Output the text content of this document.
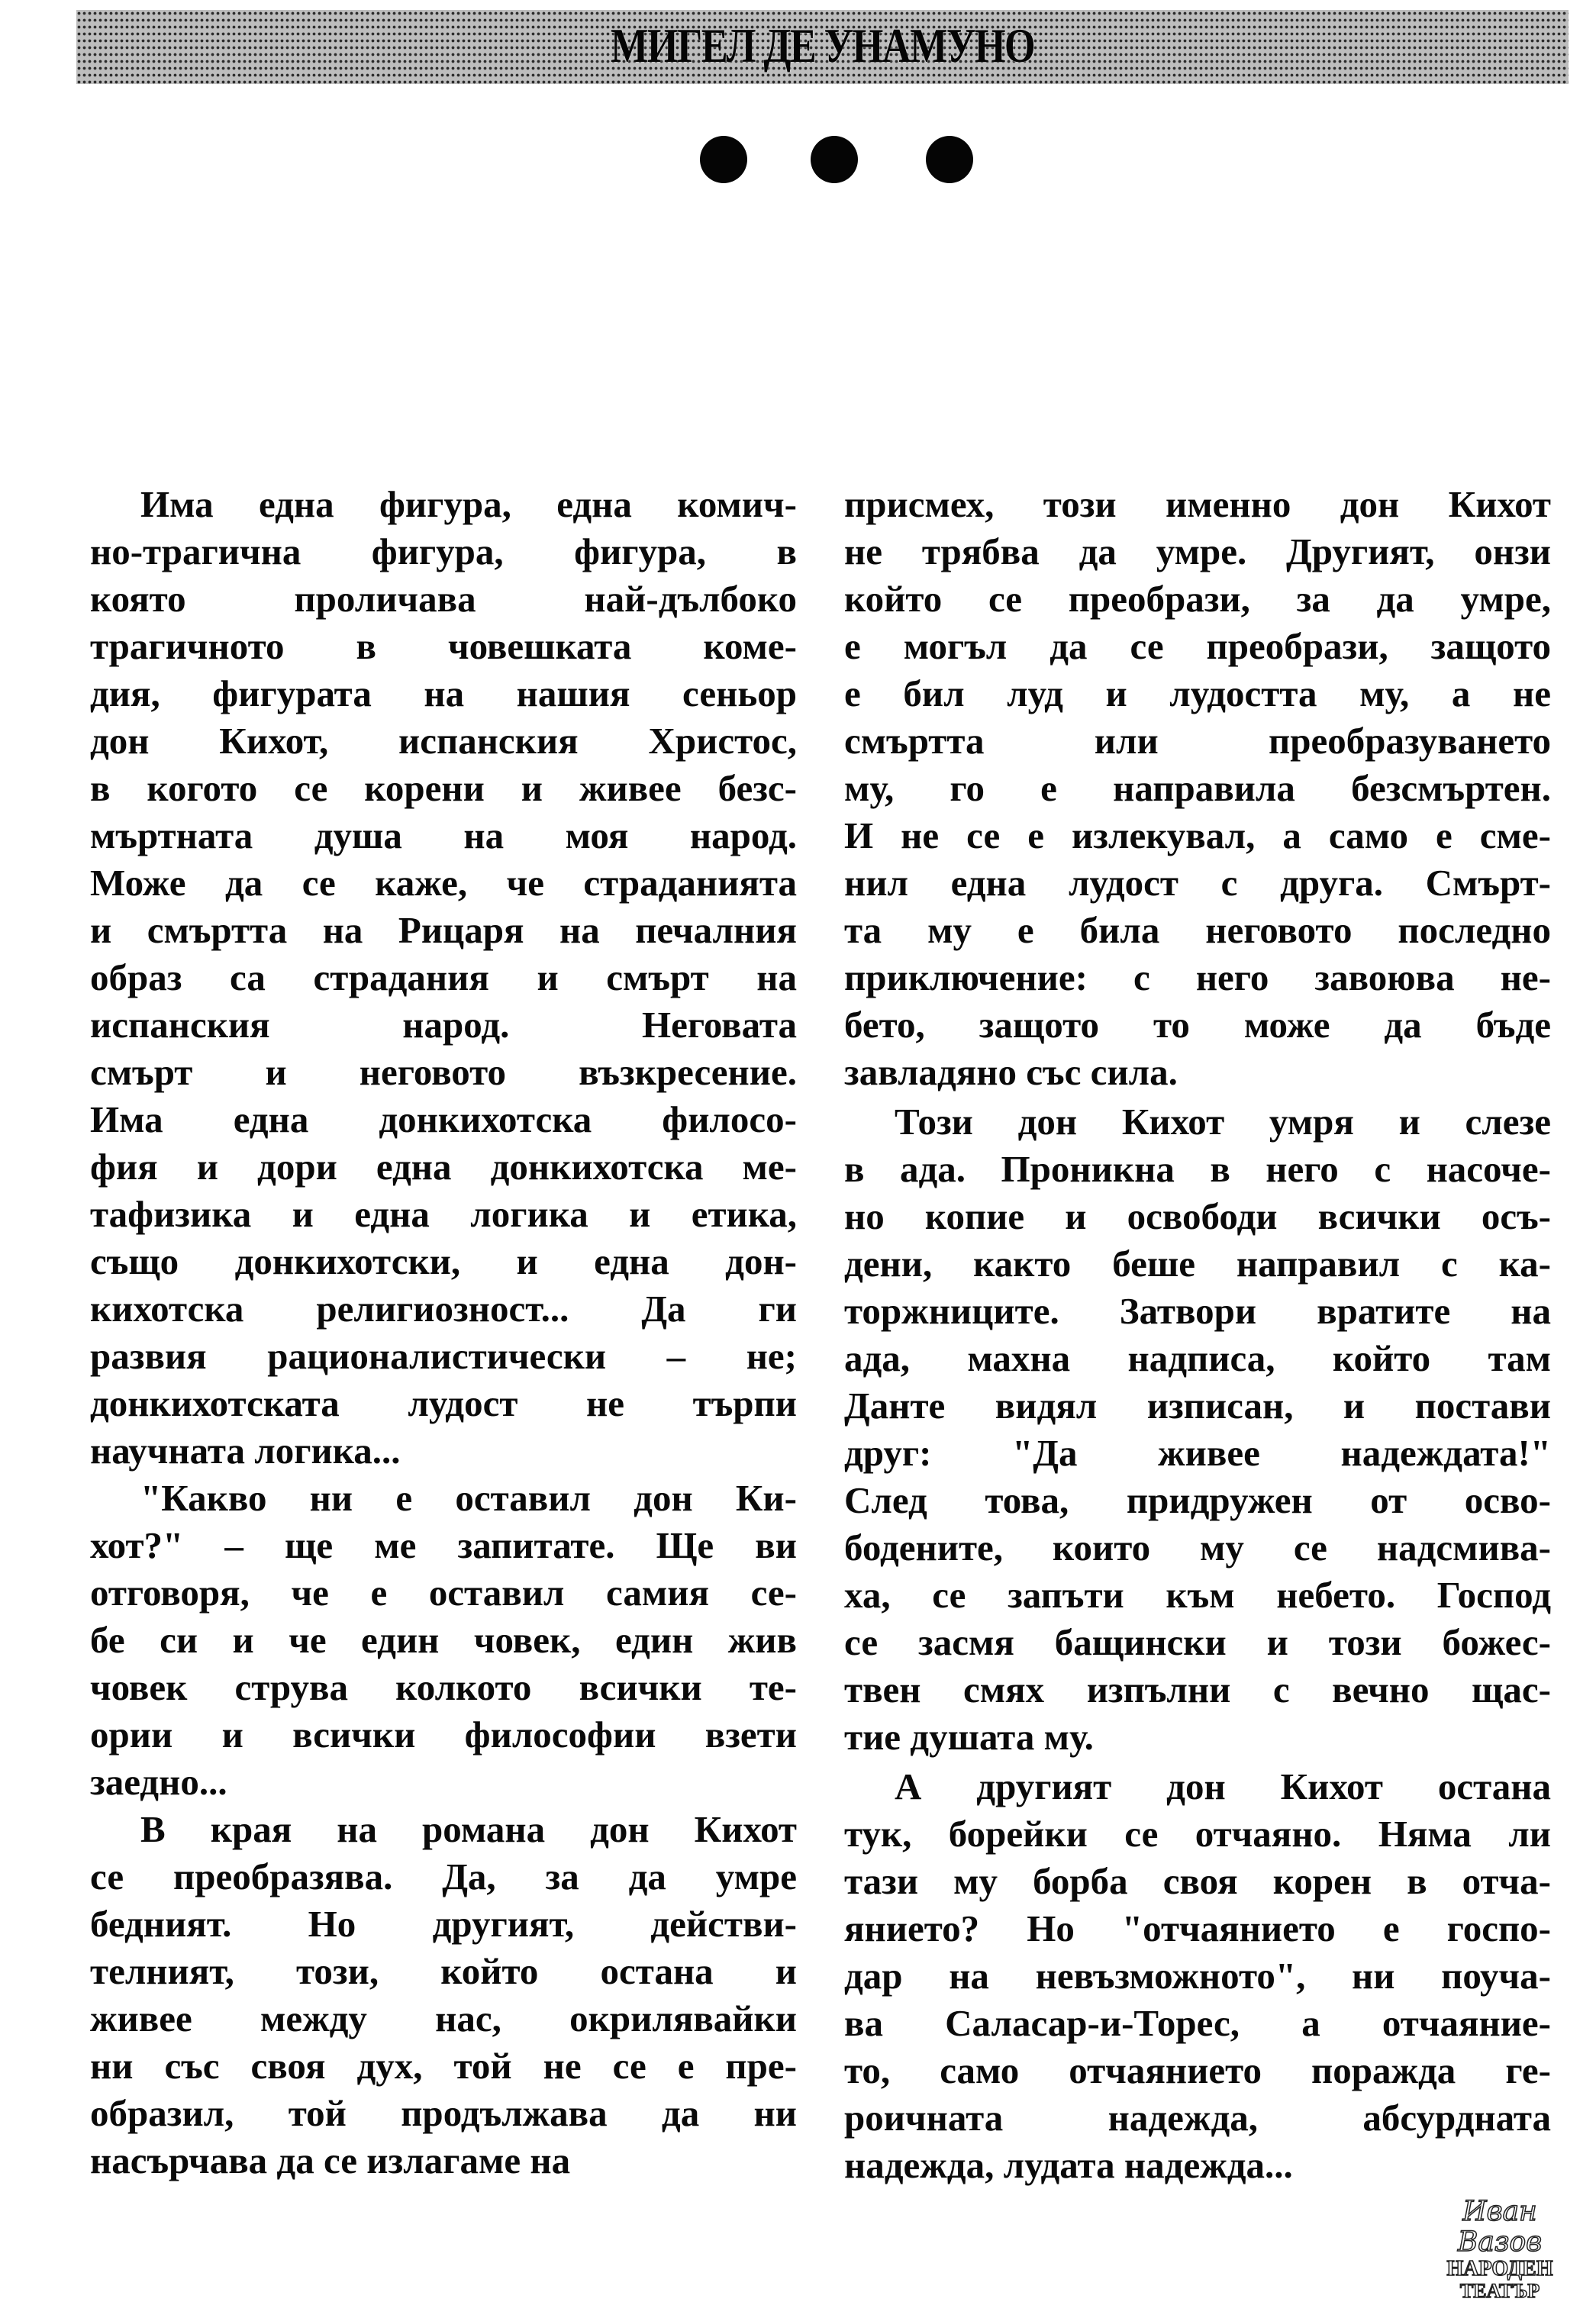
МИГЕЛ ДЕ УНАМУНО
Има една фигура, една комич-
но-трагична фигура, фигура, в
която проличава най-дълбоко
трагичното в човешката коме-
дия, фигурата на нашия сеньор
дон Кихот, испанския Христос,
в когото се корени и живее безс-
мъртната душа на моя народ.
Може да се каже, че страданията
и смъртта на Рицаря на печалния
образ са страдания и смърт на
испанския народ. Неговата
смърт и неговото възкресение.
Има една донкихотска филосо-
фия и дори една донкихотска ме-
тафизика и една логика и етика,
също донкихотски, и една дон-
кихотска религиозност... Да ги
развия рационалистически – не;
донкихотската лудост не търпи
научната логика...
"Какво ни е оставил дон Ки-
хот?" – ще ме запитате. Ще ви
отговоря, че е оставил самия се-
бе си и че един човек, един жив
човек струва колкото всички те-
ории и всички философии взети
заедно...
В края на романа дон Кихот
се преобразява. Да, за да умре
бедният. Но другият, действи-
телният, този, който остана и
живее между нас, окрилявайки
ни със своя дух, той не се е пре-
образил, той продължава да ни
насърчава да се излагаме на
присмех, този именно дон Кихот
не трябва да умре. Другият, онзи
който се преобрази, за да умре,
е могъл да се преобрази, защото
е бил луд и лудостта му, а не
смъртта или преобразуването
му, го е направила безсмъртен.
И не се е излекувал, а само е сме-
нил една лудост с друга. Смърт-
та му е била неговото последно
приключение: с него завоюва не-
бето, защото то може да бъде
завладяно със сила.
Този дон Кихот умря и слезе
в ада. Проникна в него с насоче-
но копие и освободи всички осъ-
дени, както беше направил с ка-
торжниците. Затвори вратите на
ада, махна надписа, който там
Данте видял изписан, и постави
друг: "Да живее надеждата!"
След това, придружен от осво-
бодените, които му се надсмива-
ха, се запъти към небето. Господ
се засмя бащински и този божес-
твен смях изпълни с вечно щас-
тие душата му.
А другият дон Кихот остана
тук, борейки се отчаяно. Няма ли
тази му борба своя корен в отча-
янието? Но "отчаянието е госпо-
дар на невъзможното", ни поуча-
ва Саласар-и-Торес, а отчаяние-
то, само отчаянието поражда ге-
роичната надежда, абсурдната
надежда, лудата надежда...
Иван Вазов
НАРОДЕН
ТЕАТЪР
